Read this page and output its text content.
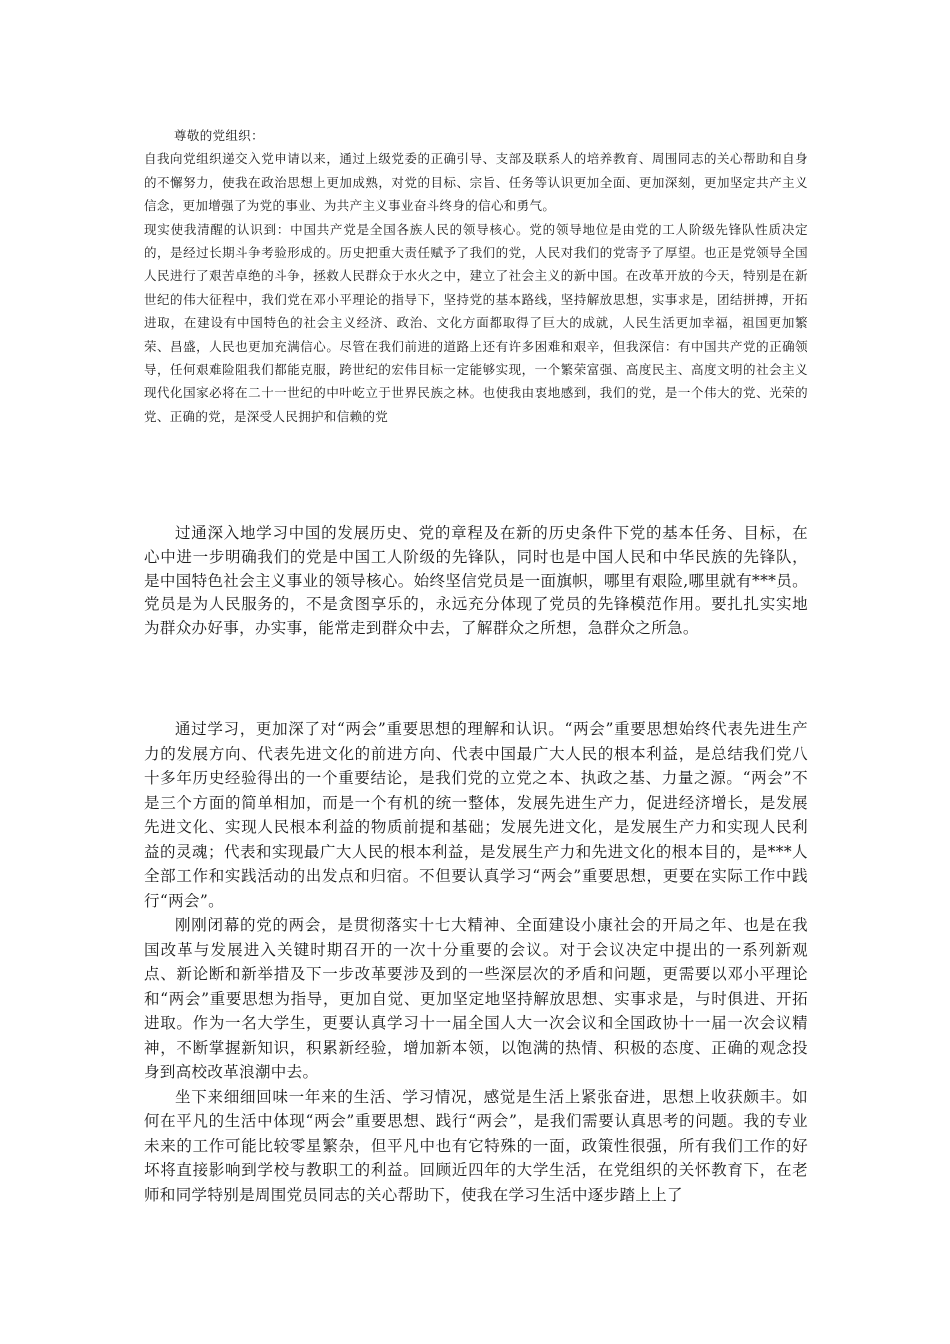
尊敬的党组织：

自我向党组织递交入党申请以来，通过上级党委的正确引导、支部及联系人的培养教育、周围同志的关心帮助和自身的不懈努力，使我在政治思想上更加成熟，对党的目标、宗旨、任务等认识更加全面、更加深刻，更加坚定共产主义信念，更加增强了为党的事业、为共产主义事业奋斗终身的信心和勇气。

现实使我清醒的认识到：中国共产党是全国各族人民的领导核心。党的领导地位是由党的工人阶级先锋队性质决定的，是经过长期斗争考验形成的。历史把重大责任赋予了我们的党，人民对我们的党寄予了厚望。也正是党领导全国人民进行了艰苦卓绝的斗争，拯救人民群众于水火之中，建立了社会主义的新中国。在改革开放的今天，特别是在新世纪的伟大征程中，我们党在邓小平理论的指导下，坚持党的基本路线，坚持解放思想，实事求是，团结拼搏，开拓进取，在建设有中国特色的社会主义经济、政治、文化方面都取得了巨大的成就，人民生活更加幸福，祖国更加繁荣、昌盛，人民也更加充满信心。尽管在我们前进的道路上还有许多困难和艰辛，但我深信：有中国共产党的正确领导，任何艰难险阻我们都能克服，跨世纪的宏伟目标一定能够实现，一个繁荣富强、高度民主、高度文明的社会主义现代化国家必将在二十一世纪的中叶屹立于世界民族之林。也使我由衷地感到，我们的党，是一个伟大的党、光荣的党、正确的党，是深受人民拥护和信赖的党

过通深入地学习中国的发展历史、党的章程及在新的历史条件下党的基本任务、目标，在心中进一步明确我们的党是中国工人阶级的先锋队，同时也是中国人民和中华民族的先锋队，是中国特色社会主义事业的领导核心。始终坚信党员是一面旗帜，哪里有艰险,哪里就有***员。党员是为人民服务的，不是贪图享乐的，永远充分体现了党员的先锋模范作用。要扎扎实实地为群众办好事，办实事，能常走到群众中去，了解群众之所想，急群众之所急。

通过学习，更加深了对“两会”重要思想的理解和认识。“两会”重要思想始终代表先进生产力的发展方向、代表先进文化的前进方向、代表中国最广大人民的根本利益，是总结我们党八十多年历史经验得出的一个重要结论，是我们党的立党之本、执政之基、力量之源。“两会”不是三个方面的简单相加，而是一个有机的统一整体，发展先进生产力，促进经济增长，是发展先进文化、实现人民根本利益的物质前提和基础；发展先进文化，是发展生产力和实现人民利益的灵魂；代表和实现最广大人民的根本利益，是发展生产力和先进文化的根本目的，是***人全部工作和实践活动的出发点和归宿。不但要认真学习“两会”重要思想，更要在实际工作中践行“两会”。

刚刚闭幕的党的两会，是贯彻落实十七大精神、全面建设小康社会的开局之年、也是在我国改革与发展进入关键时期召开的一次十分重要的会议。对于会议决定中提出的一系列新观点、新论断和新举措及下一步改革要涉及到的一些深层次的矛盾和问题，更需要以邓小平理论和“两会”重要思想为指导，更加自觉、更加坚定地坚持解放思想、实事求是，与时俱进、开拓进取。作为一名大学生，更要认真学习十一届全国人大一次会议和全国政协十一届一次会议精神，不断掌握新知识，积累新经验，增加新本领，以饱满的热情、积极的态度、正确的观念投身到高校改革浪潮中去。

坐下来细细回味一年来的生活、学习情况，感觉是生活上紧张奋进，思想上收获颇丰。如何在平凡的生活中体现“两会”重要思想、践行“两会”，是我们需要认真思考的问题。我的专业未来的工作可能比较零星繁杂，但平凡中也有它特殊的一面，政策性很强，所有我们工作的好坏将直接影响到学校与教职工的利益。回顾近四年的大学生活，在党组织的关怀教育下，在老师和同学特别是周围党员同志的关心帮助下，使我在学习生活中逐步踏上上了
